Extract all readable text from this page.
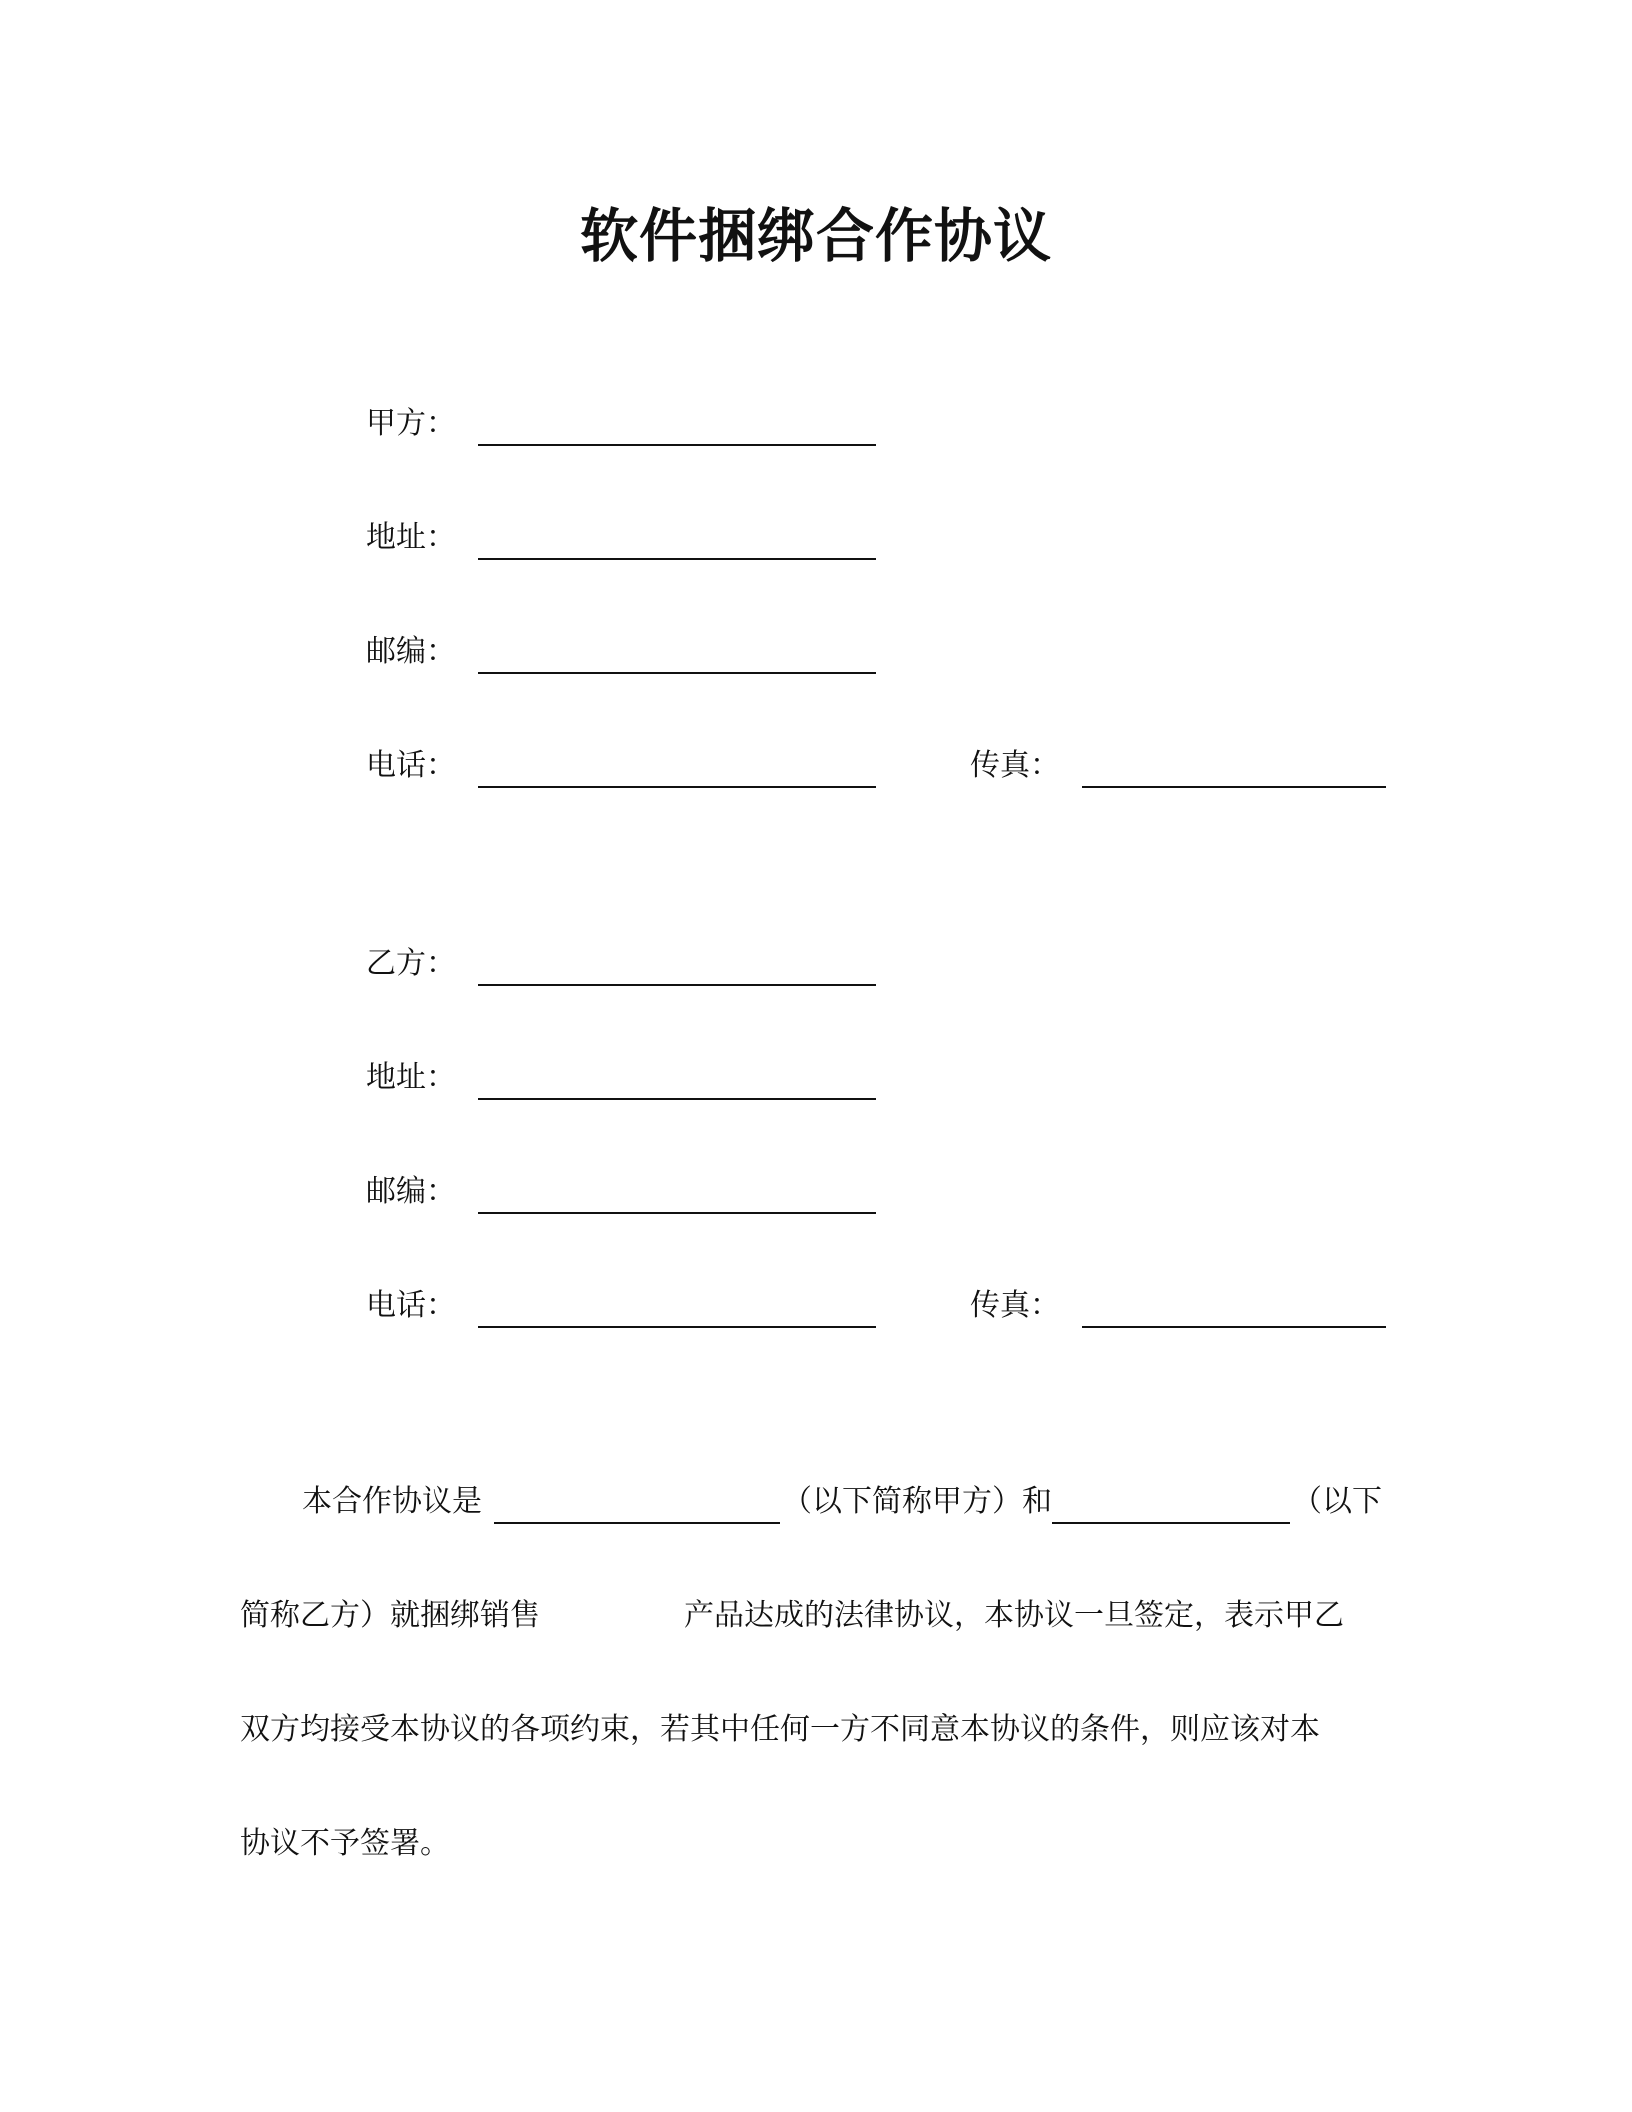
软件捆绑合作协议
甲方：
地址：
邮编：
电话：	传真：
乙方：
地址：
邮编：
电话：	传真：
本合作协议是	（以下简称甲方）和	（以下
简称乙方）就捆绑销售	产品达成的法律协议，本协议一旦签定，表示甲乙
双方均接受本协议的各项约束，若其中任何一方不同意本协议的条件，则应该对本
协议不予签署。
